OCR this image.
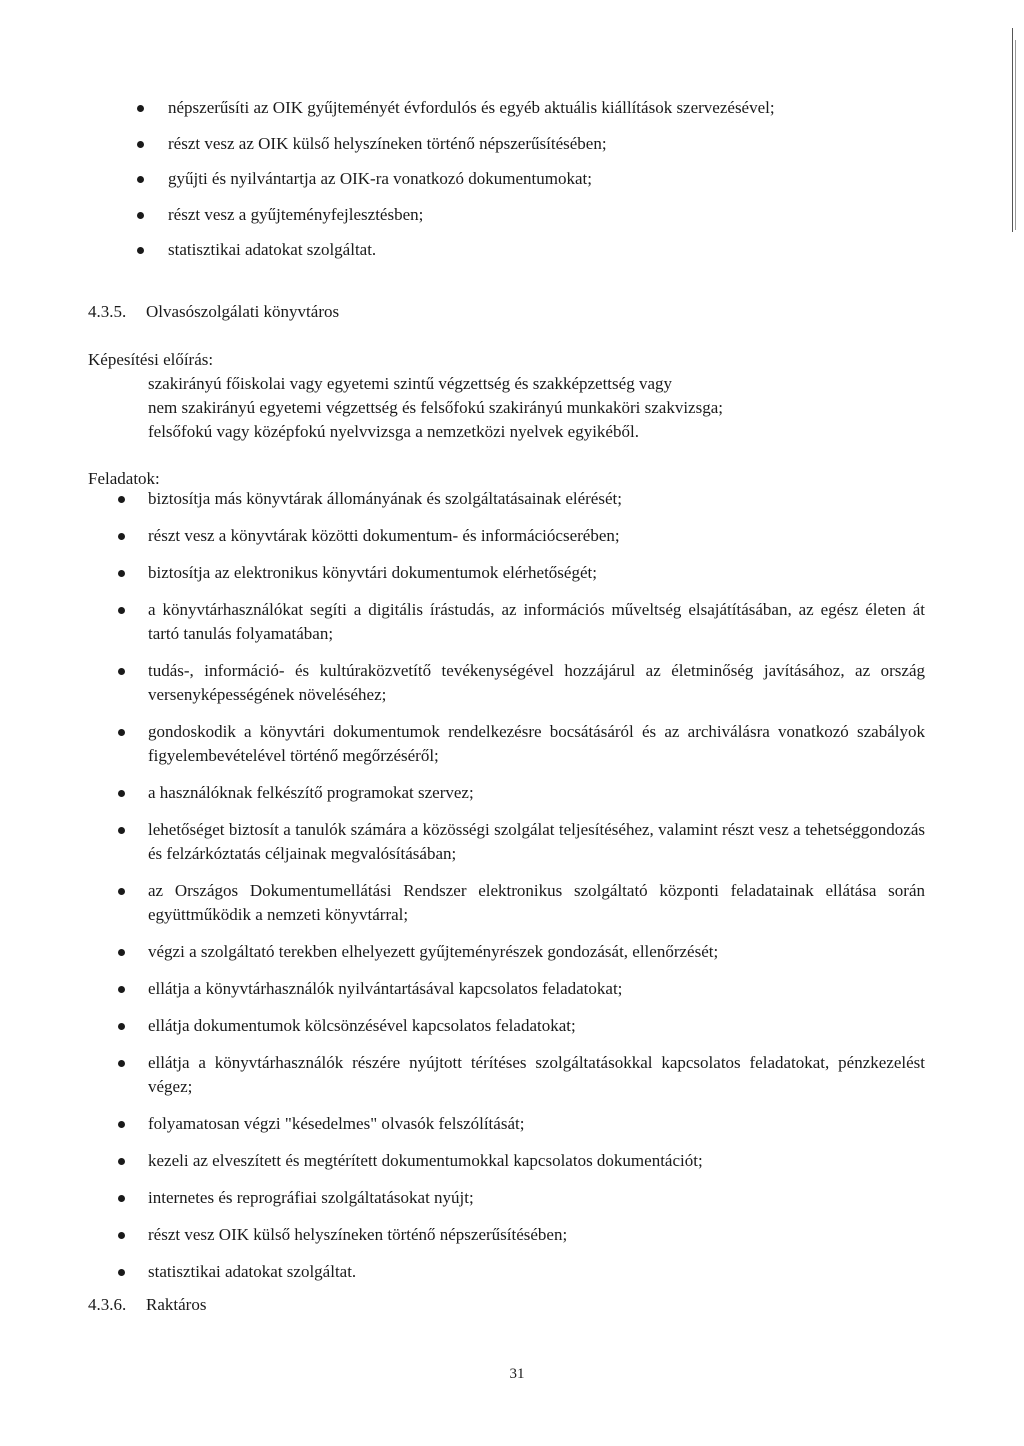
népszerűsíti az OIK gyűjteményét évfordulós és egyéb aktuális kiállítások szervezésével;
részt vesz az OIK külső helyszíneken történő népszerűsítésében;
gyűjti és nyilvántartja az OIK-ra vonatkozó dokumentumokat;
részt vesz a gyűjteményfejlesztésben;
statisztikai adatokat szolgáltat.
4.3.5. Olvasószolgálati könyvtáros
Képesítési előírás:
szakirányú főiskolai vagy egyetemi szintű végzettség és szakképzettség vagy
nem szakirányú egyetemi végzettség és felsőfokú szakirányú munkaköri szakvizsga;
felsőfokú vagy középfokú nyelvvizsga a nemzetközi nyelvek egyikéből.
Feladatok:
biztosítja más könyvtárak állományának és szolgáltatásainak elérését;
részt vesz a könyvtárak közötti dokumentum- és információcserében;
biztosítja az elektronikus könyvtári dokumentumok elérhetőségét;
a könyvtárhasználókat segíti a digitális írástudás, az információs műveltség elsajátításában, az egész életen át tartó tanulás folyamatában;
tudás-, információ- és kultúraközvetítő tevékenységével hozzájárul az életminőség javításához, az ország versenyképességének növeléséhez;
gondoskodik a könyvtári dokumentumok rendelkezésre bocsátásáról és az archiválásra vonatkozó szabályok figyelembevételével történő megőrzéséről;
a használóknak felkészítő programokat szervez;
lehetőséget biztosít a tanulók számára a közösségi szolgálat teljesítéséhez, valamint részt vesz a tehetséggondozás és felzárkóztatás céljainak megvalósításában;
az Országos Dokumentumellátási Rendszer elektronikus szolgáltató központi feladatainak ellátása során együttműködik a nemzeti könyvtárral;
végzi a szolgáltató terekben elhelyezett gyűjteményrészek gondozását, ellenőrzését;
ellátja a könyvtárhasználók nyilvántartásával kapcsolatos feladatokat;
ellátja dokumentumok kölcsönzésével kapcsolatos feladatokat;
ellátja a könyvtárhasználók részére nyújtott térítéses szolgáltatásokkal kapcsolatos feladatokat, pénzkezelést végez;
folyamatosan végzi "késedelmes" olvasók felszólítását;
kezeli az elveszített és megtérített dokumentumokkal kapcsolatos dokumentációt;
internetes és reprográfiai szolgáltatásokat nyújt;
részt vesz OIK külső helyszíneken történő népszerűsítésében;
statisztikai adatokat szolgáltat.
4.3.6. Raktáros
31
